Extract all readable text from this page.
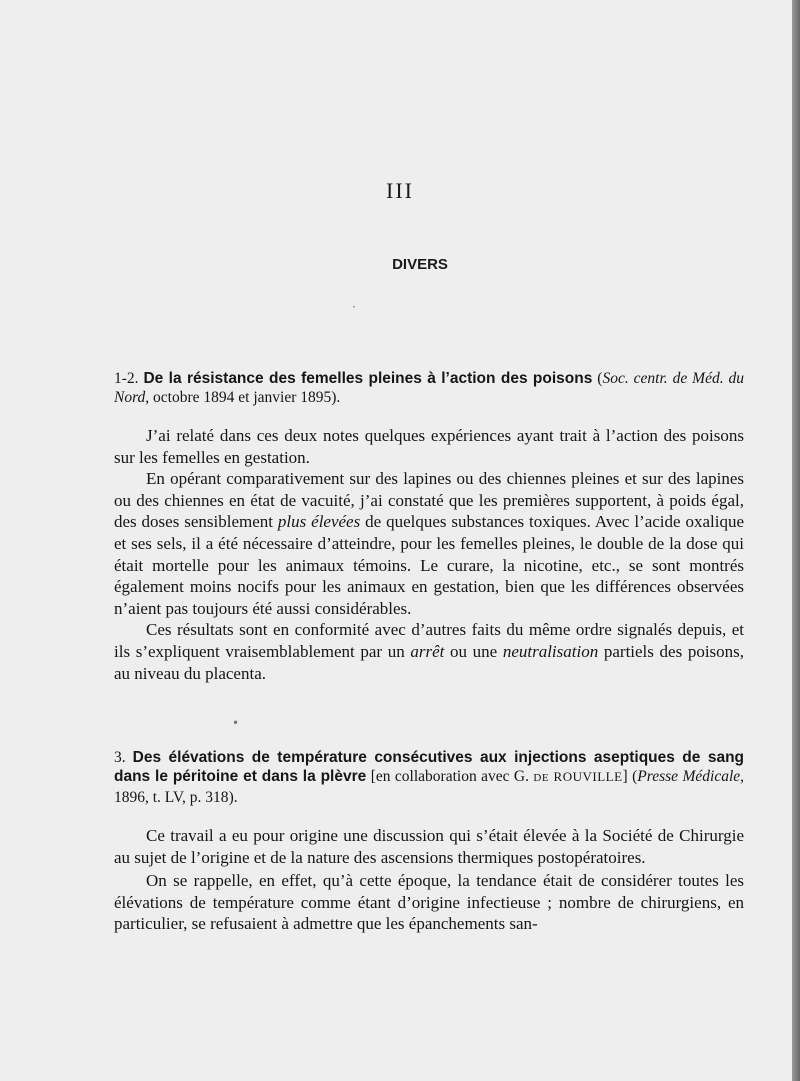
III
DIVERS
·
•
1-2. De la résistance des femelles pleines à l’action des poisons (Soc. centr. de Méd. du Nord, octobre 1894 et janvier 1895).

J’ai relaté dans ces deux notes quelques expériences ayant trait à l’action des poisons sur les femelles en gestation.

En opérant comparativement sur des lapines ou des chiennes pleines et sur des lapines ou des chiennes en état de vacuité, j’ai constaté que les premières supportent, à poids égal, des doses sensiblement plus élevées de quelques substances toxiques. Avec l’acide oxalique et ses sels, il a été nécessaire d’atteindre, pour les femelles pleines, le double de la dose qui était mortelle pour les animaux témoins. Le curare, la nicotine, etc., se sont montrés également moins nocifs pour les animaux en gestation, bien que les différences observées n’aient pas toujours été aussi considérables.

Ces résultats sont en conformité avec d’autres faits du même ordre signalés depuis, et ils s’expliquent vraisemblablement par un arrêt ou une neutralisation partiels des poisons, au niveau du placenta.

3. Des élévations de température consécutives aux injections aseptiques de sang dans le péritoine et dans la plèvre [en collaboration avec G. DE ROUVILLE] (Presse Médicale, 1896, t. LV, p. 318).

Ce travail a eu pour origine une discussion qui s’était élevée à la Société de Chirurgie au sujet de l’origine et de la nature des ascensions thermiques postopératoires.

On se rappelle, en effet, qu’à cette époque, la tendance était de considérer toutes les élévations de température comme étant d’origine infectieuse ; nombre de chirurgiens, en particulier, se refusaient à admettre que les épanchements san-
